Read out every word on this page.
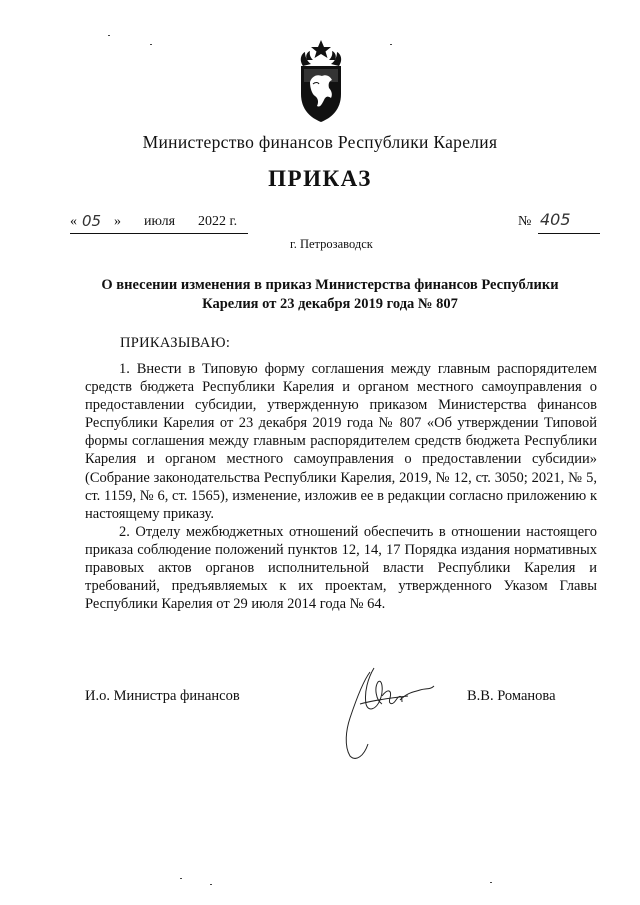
Министерство финансов Республики Карелия
ПРИКАЗ
« 05 » июля 2022 г.	№ 405
г. Петрозаводск
О внесении изменения в приказ Министерства финансов Республики Карелия от 23 декабря 2019 года № 807
ПРИКАЗЫВАЮ:

1. Внести в Типовую форму соглашения между главным распорядителем средств бюджета Республики Карелия и органом местного самоуправления о предоставлении субсидии, утвержденную приказом Министерства финансов Республики Карелия от 23 декабря 2019 года № 807 «Об утверждении Типовой формы соглашения между главным распорядителем средств бюджета Республики Карелия и органом местного самоуправления о предоставлении субсидии» (Собрание законодательства Республики Карелия, 2019, № 12, ст. 3050; 2021, № 5, ст. 1159, № 6, ст. 1565), изменение, изложив ее в редакции согласно приложению к настоящему приказу.

2. Отделу межбюджетных отношений обеспечить в отношении настоящего приказа соблюдение положений пунктов 12, 14, 17 Порядка издания нормативных правовых актов органов исполнительной власти Республики Карелия и требований, предъявляемых к их проектам, утвержденного Указом Главы Республики Карелия от 29 июля 2014 года № 64.

И.о. Министра финансов	В.В. Романова
